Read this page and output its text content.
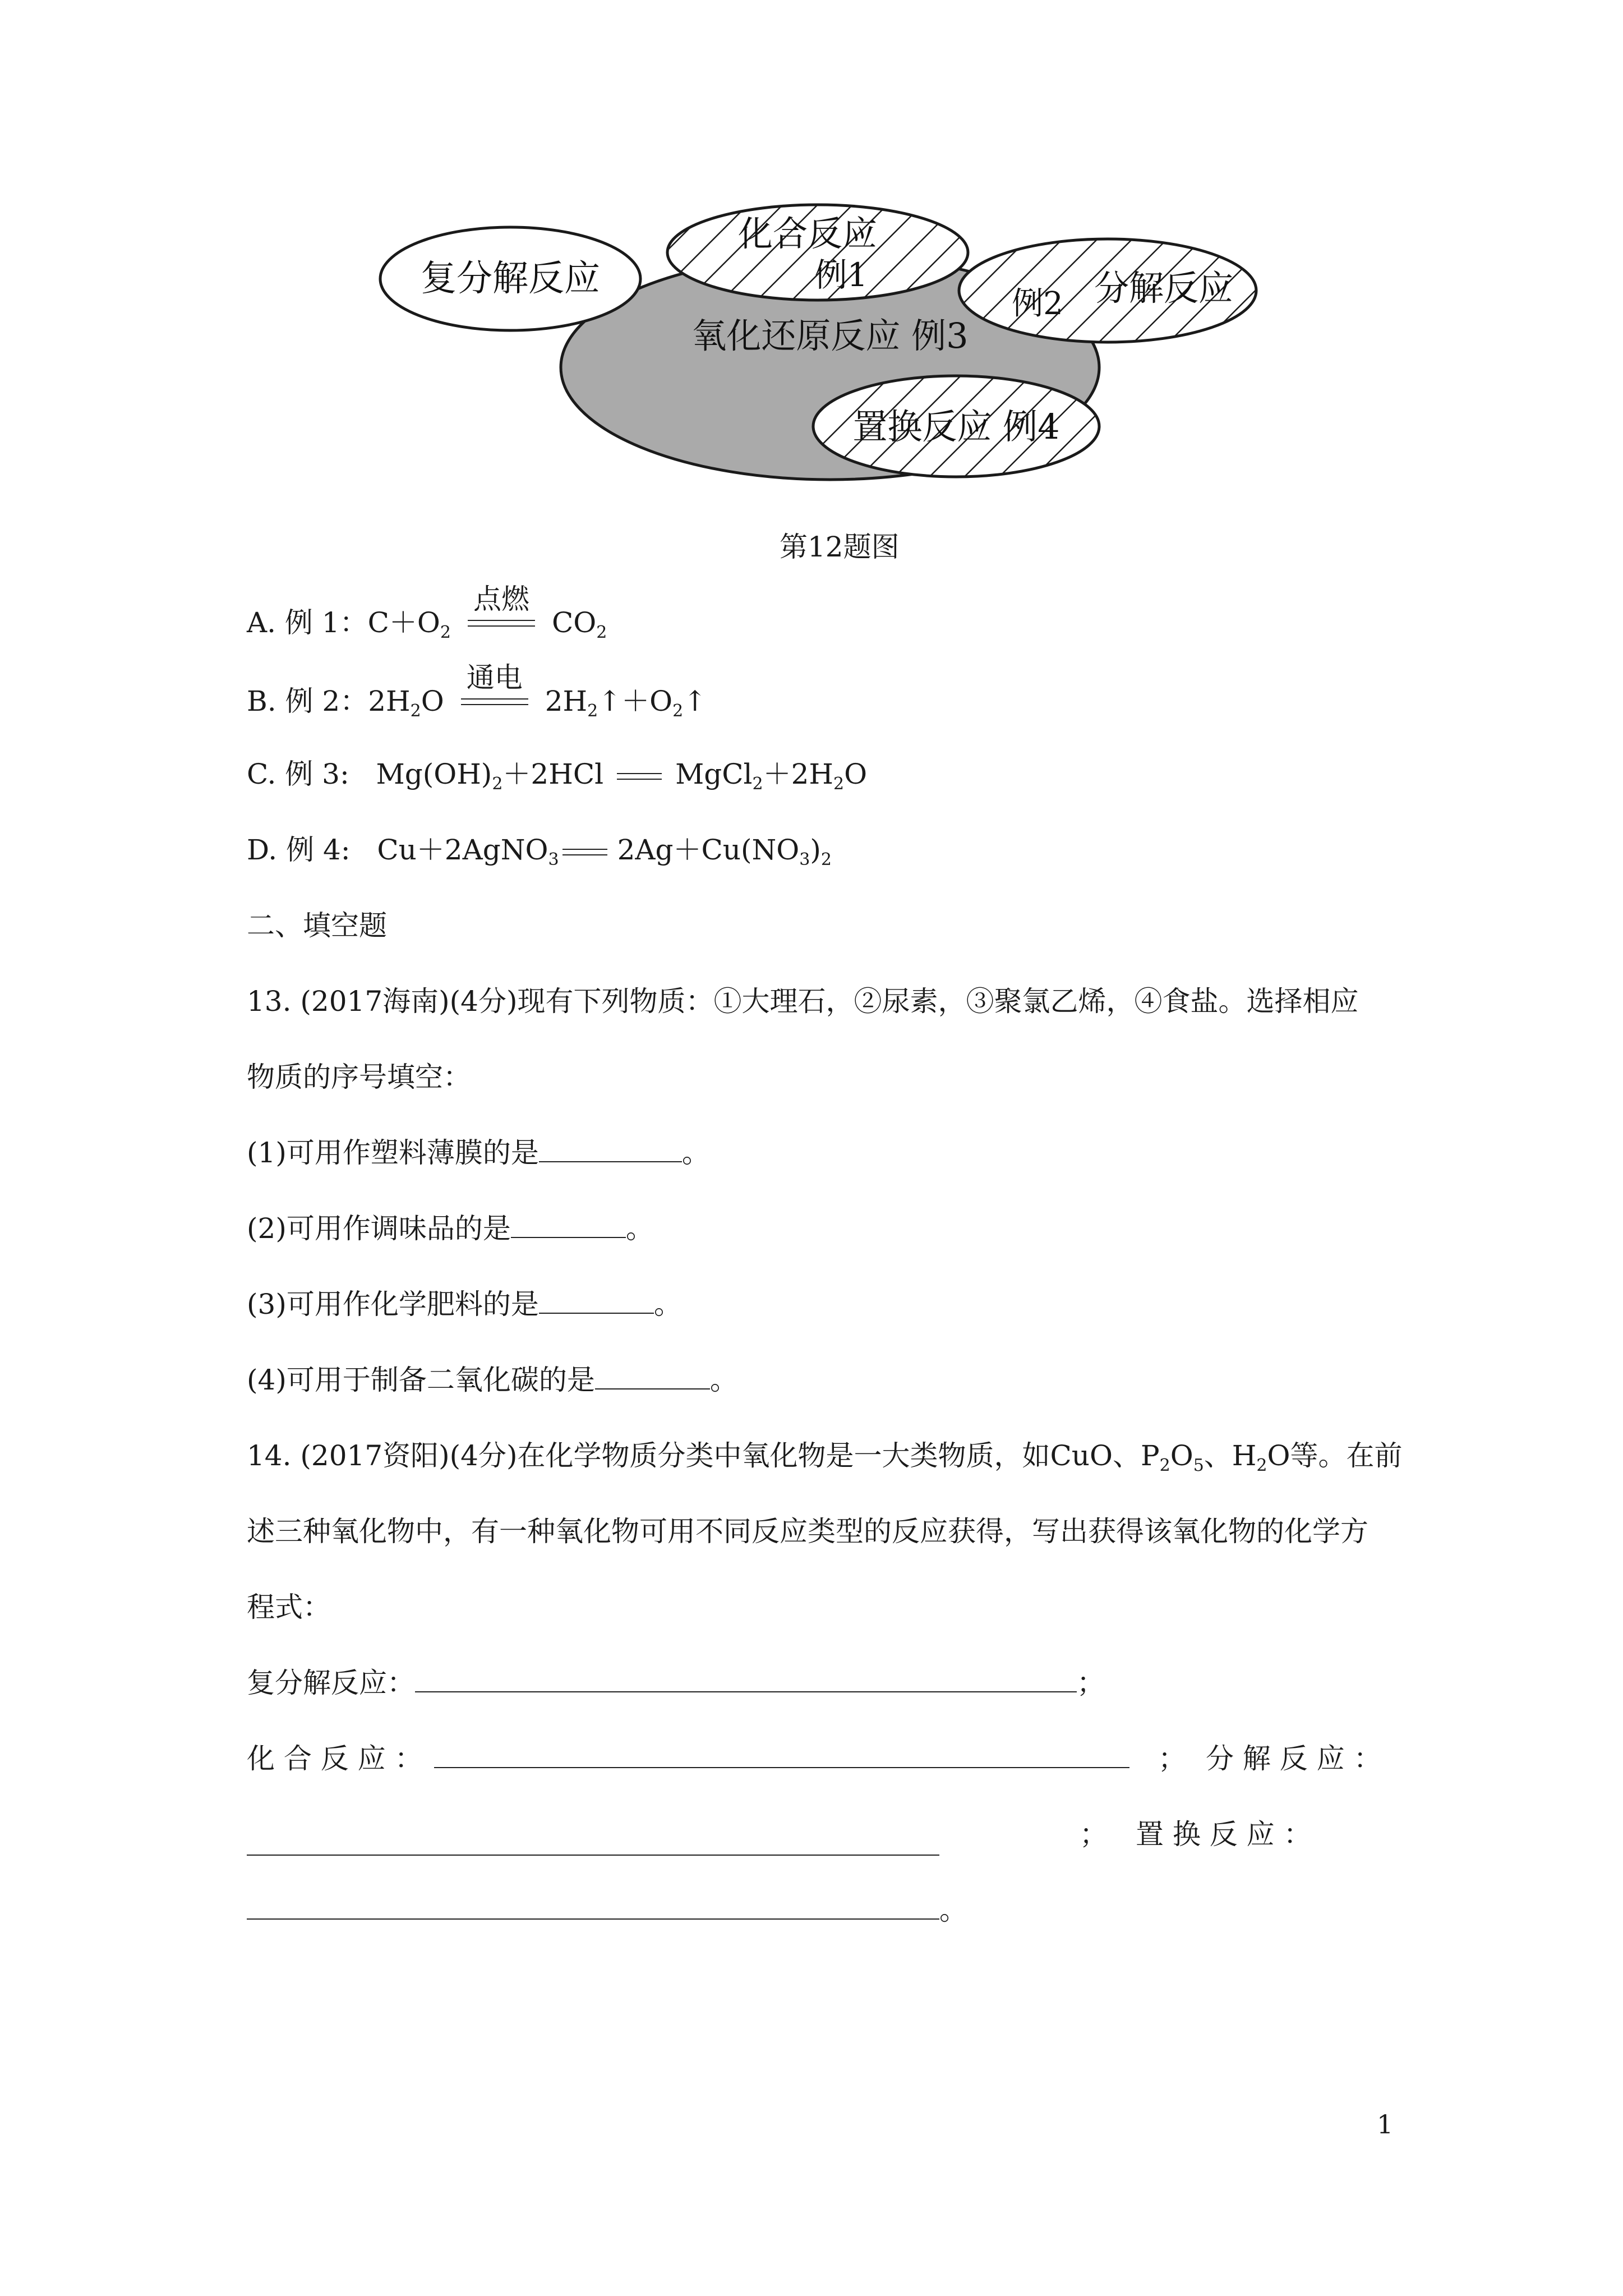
复分解反应
化合反应
例1
例2 分解反应
氧化还原反应 例3
置换反应 例4
第12题图
A. 例 1：$C+O_2$
点燃
$CO_2$
B. 例 2：$2H_2O$
通电
$2H_2↑+O_2↑$
C. 例 3: $Mg(OH)_2+2HCl$	$MgCl_2+2H_2O$
D. 例 4: Cu＋2AgNO$_3$ $2Ag+Cu(NO_3)_2$
二、填空题
13. (2017海南)(4分)现有下列物质：①大理石，②尿素，③聚氯乙烯，④食盐。选择相应
物质的序号填空：
(1)可用作塑料薄膜的是	。
(2)可用作调味品的是	。
(3)可用作化学肥料的是	。
(4)可用于制备二氧化碳的是	。
14. (2017资阳)(4分)在化学物质分类中氧化物是一大类物质，如CuO、$P_2O_5$、$H_2O$等。在前
述三种氧化物中，有一种氧化物可用不同反应类型的反应获得，写出获得该氧化物的化学方
程式：
复分解反应：	；
化 合 反 应 ：	； 分 解 反 应 ：
； 置 换 反 应 ：
。
1
